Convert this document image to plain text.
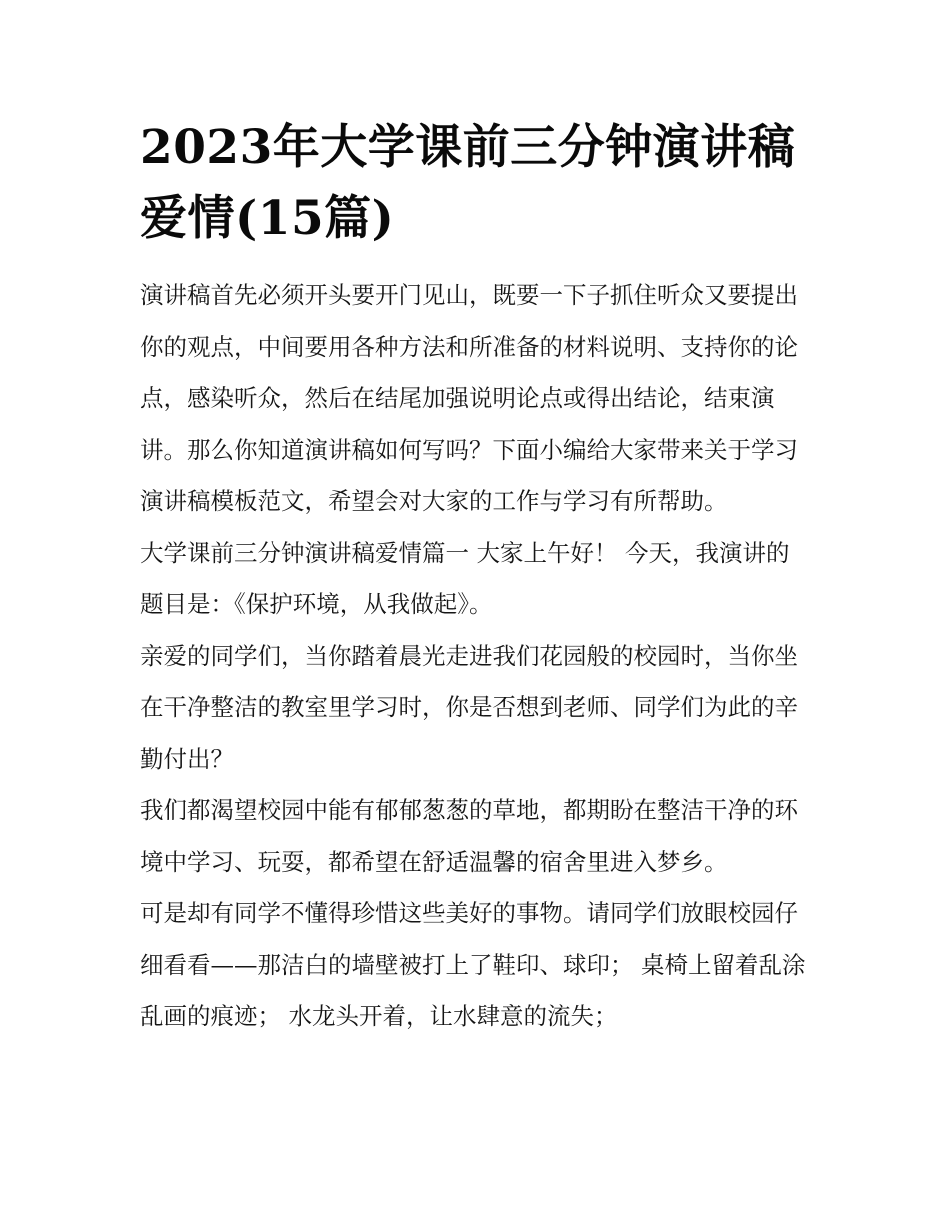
2023年大学课前三分钟演讲稿
爱情(15篇)

演讲稿首先必须开头要开门见山，既要一下子抓住听众又要提出你的观点，中间要用各种方法和所准备的材料说明、支持你的论点，感染听众，然后在结尾加强说明论点或得出结论，结束演讲。那么你知道演讲稿如何写吗？下面小编给大家带来关于学习演讲稿模板范文，希望会对大家的工作与学习有所帮助。

大学课前三分钟演讲稿爱情篇一 大家上午好！ 今天，我演讲的题目是：《保护环境，从我做起》。

亲爱的同学们，当你踏着晨光走进我们花园般的校园时，当你坐在干净整洁的教室里学习时，你是否想到老师、同学们为此的辛勤付出？

我们都渴望校园中能有郁郁葱葱的草地，都期盼在整洁干净的环境中学习、玩耍，都希望在舒适温馨的宿舍里进入梦乡。

可是却有同学不懂得珍惜这些美好的事物。请同学们放眼校园仔细看看——那洁白的墙壁被打上了鞋印、球印； 桌椅上留着乱涂乱画的痕迹； 水龙头开着，让水肆意的流失；
